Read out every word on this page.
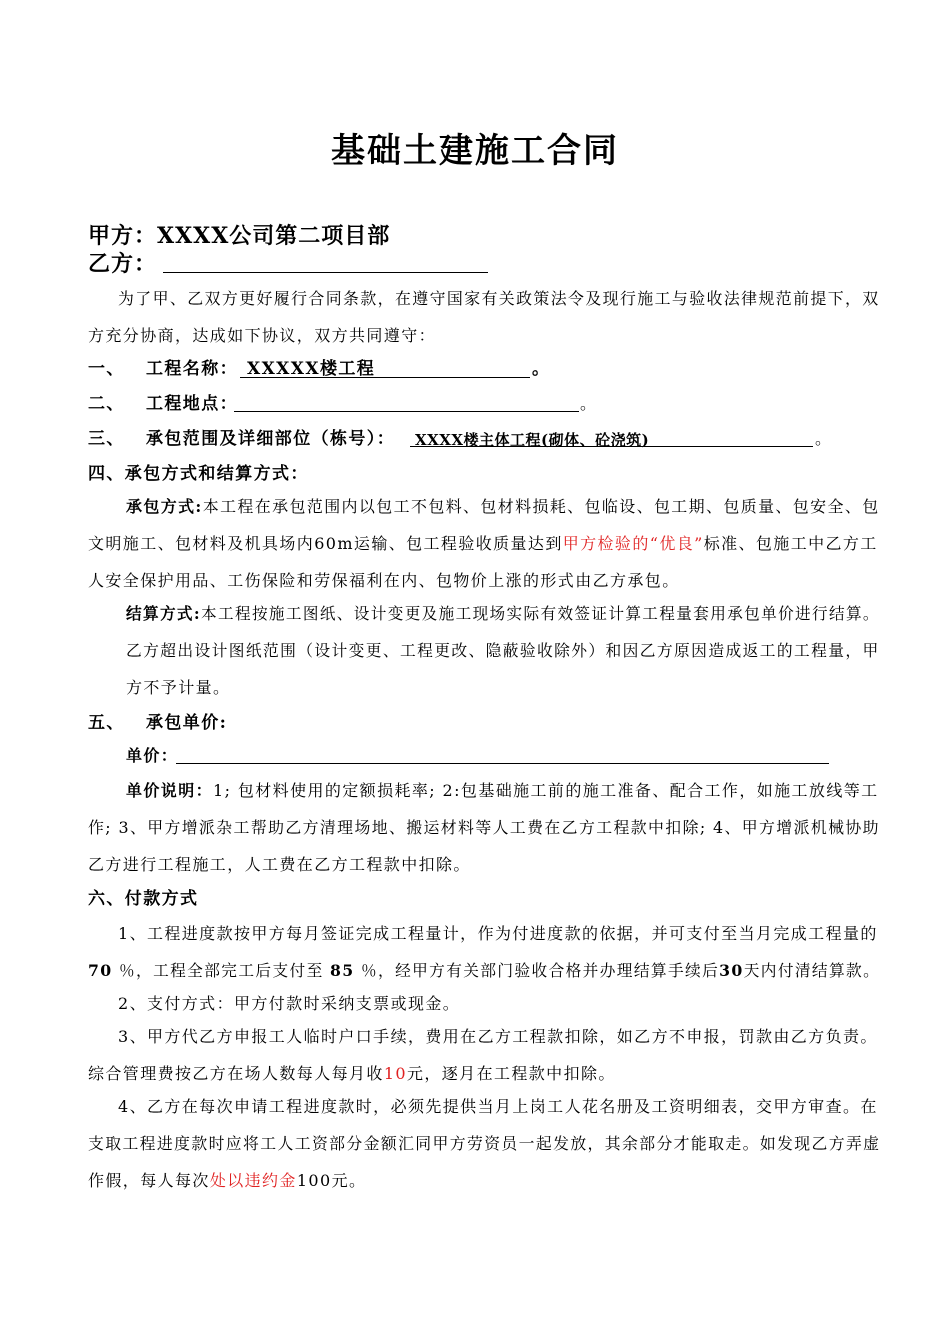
基础土建施工合同
甲方：XXXX公司第二项目部
乙方：
为了甲、乙双方更好履行合同条款，在遵守国家有关政策法令及现行施工与验收法律规范前提下，双
方充分协商，达成如下协议，双方共同遵守：
一、 工程名称： XXXXX楼工程	。
二、 工程地点：	。
三、 承包范围及详细部位（栋号）： XXXX楼主体工程(砌体、砼浇筑)	。
四、承包方式和结算方式：
承包方式:本工程在承包范围内以包工不包料、包材料损耗、包临设、包工期、包质量、包安全、包
文明施工、包材料及机具场内60m运输、包工程验收质量达到甲方检验的“优良”标准、包施工中乙方工
人安全保护用品、工伤保险和劳保福利在内、包物价上涨的形式由乙方承包。
结算方式:本工程按施工图纸、设计变更及施工现场实际有效签证计算工程量套用承包单价进行结算。
乙方超出设计图纸范围（设计变更、工程更改、隐蔽验收除外）和因乙方原因造成返工的工程量，甲
方不予计量。
五、 承包单价:
单价：
单价说明：1; 包材料使用的定额损耗率; 2:包基础施工前的施工准备、配合工作，如施工放线等工
作; 3、甲方增派杂工帮助乙方清理场地、搬运材料等人工费在乙方工程款中扣除; 4、甲方增派机械协助
乙方进行工程施工，人工费在乙方工程款中扣除。
六、付款方式
1、工程进度款按甲方每月签证完成工程量计，作为付进度款的依据，并可支付至当月完成工程量的
70 ％，工程全部完工后支付至 85 ％，经甲方有关部门验收合格并办理结算手续后30天内付清结算款。
2、支付方式：甲方付款时采纳支票或现金。
3、甲方代乙方申报工人临时户口手续，费用在乙方工程款扣除，如乙方不申报，罚款由乙方负责。
综合管理费按乙方在场人数每人每月收10元，逐月在工程款中扣除。
4、乙方在每次申请工程进度款时，必须先提供当月上岗工人花名册及工资明细表，交甲方审查。在
支取工程进度款时应将工人工资部分金额汇同甲方劳资员一起发放，其余部分才能取走。如发现乙方弄虚
作假，每人每次处以违约金100元。
